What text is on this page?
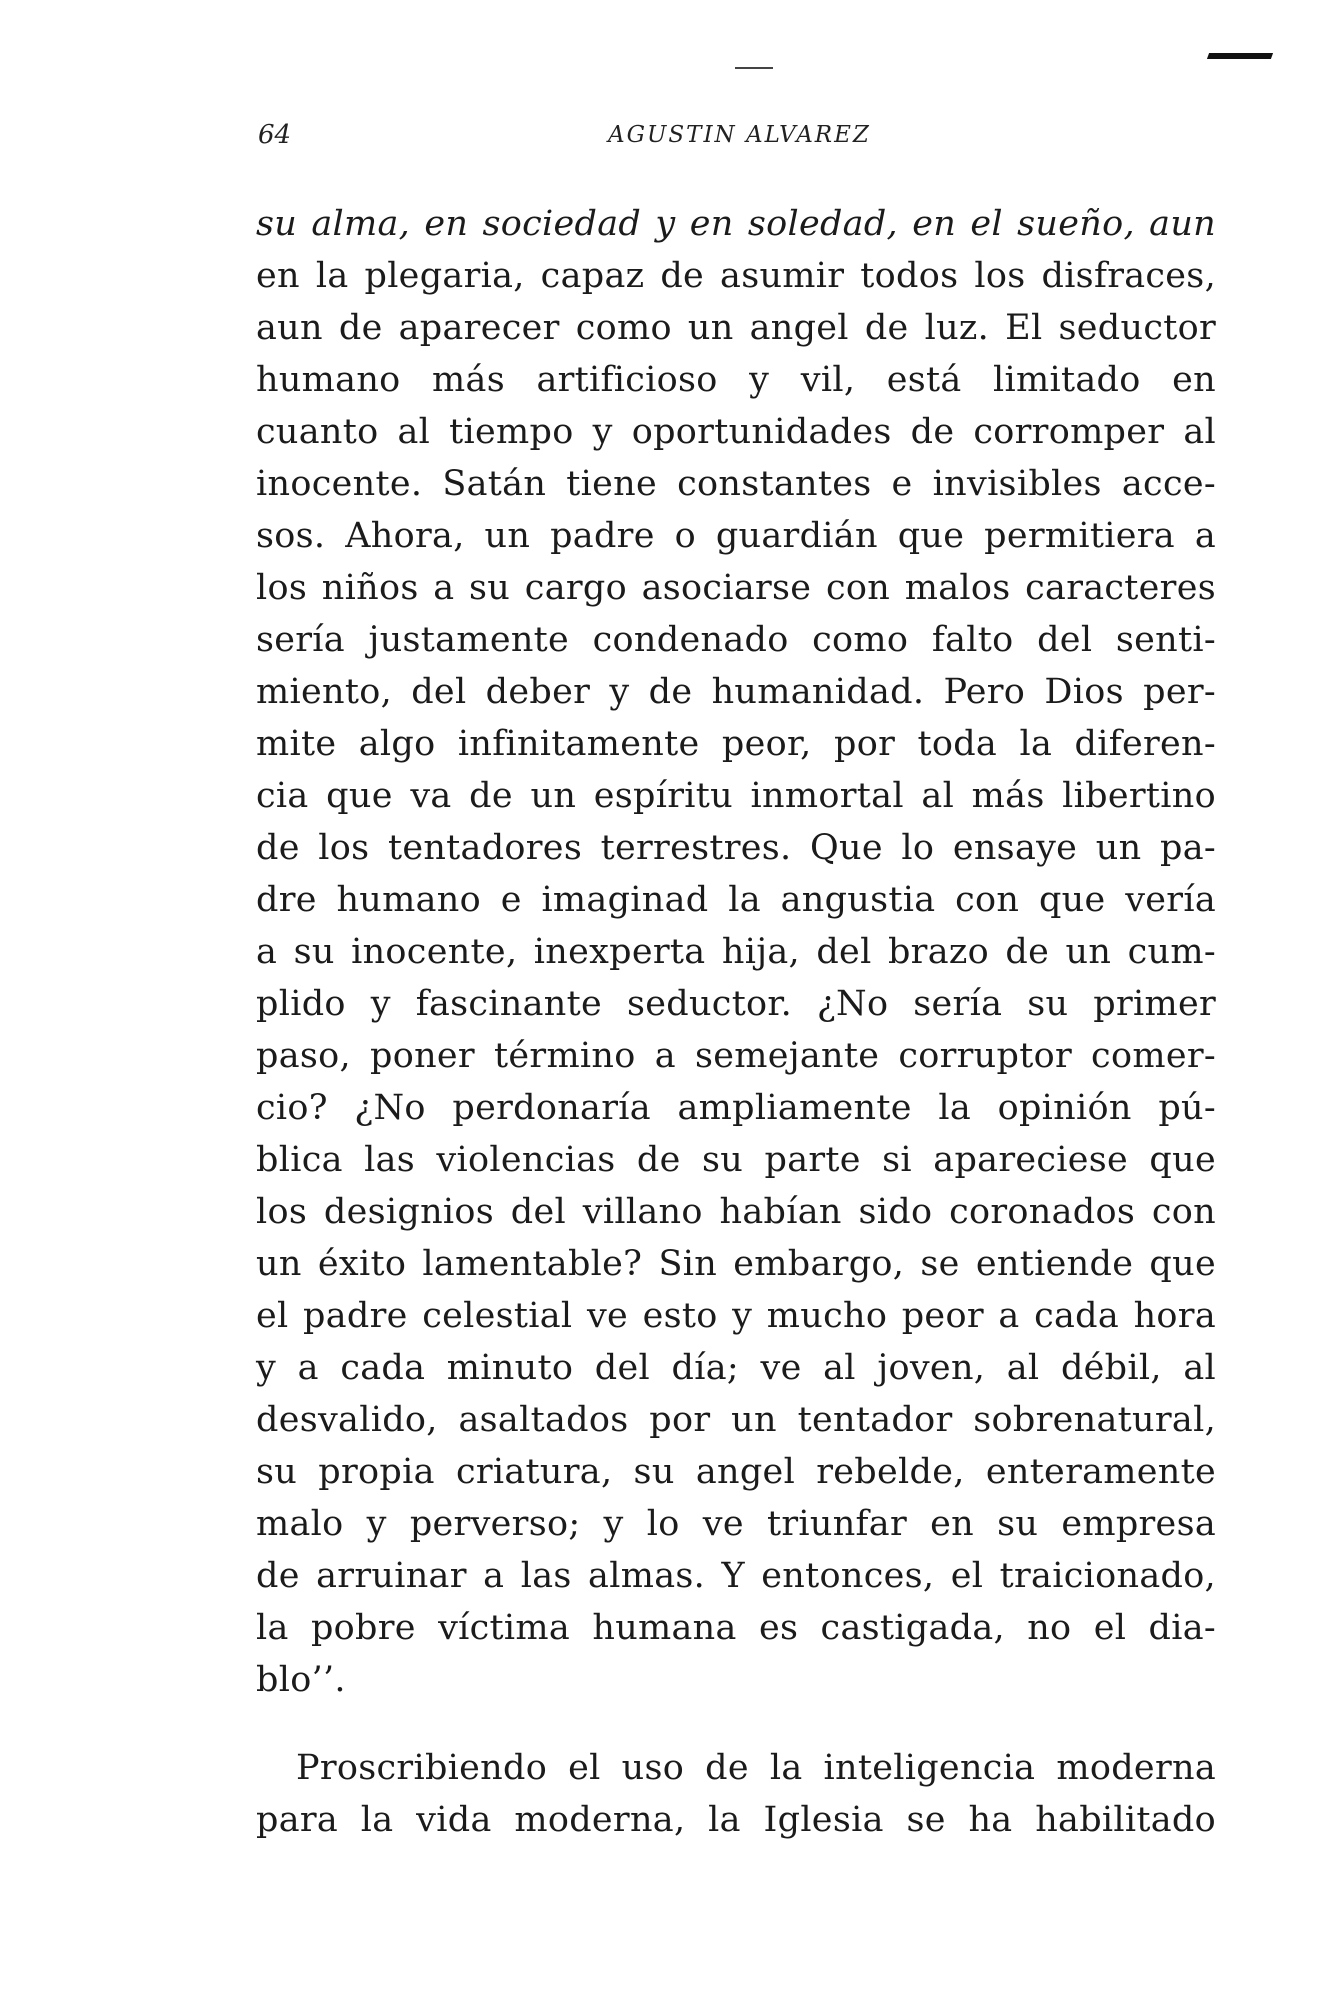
64	AGUSTIN ALVAREZ
su alma, en sociedad y en soledad, en el sueño, aun
en la plegaria, capaz de asumir todos los disfraces,
aun de aparecer como un angel de luz. El seductor
humano más artificioso y vil, está limitado en
cuanto al tiempo y oportunidades de corromper al
inocente. Satán tiene constantes e invisibles acce-
sos. Ahora, un padre o guardián que permitiera a
los niños a su cargo asociarse con malos caracteres
sería justamente condenado como falto del senti-
miento, del deber y de humanidad. Pero Dios per-
mite algo infinitamente peor, por toda la diferen-
cia que va de un espíritu inmortal al más libertino
de los tentadores terrestres. Que lo ensaye un pa-
dre humano e imaginad la angustia con que vería
a su inocente, inexperta hija, del brazo de un cum-
plido y fascinante seductor. ¿No sería su primer
paso, poner término a semejante corruptor comer-
cio? ¿No perdonaría ampliamente la opinión pú-
blica las violencias de su parte si apareciese que
los designios del villano habían sido coronados con
un éxito lamentable? Sin embargo, se entiende que
el padre celestial ve esto y mucho peor a cada hora
y a cada minuto del día; ve al joven, al débil, al
desvalido, asaltados por un tentador sobrenatural,
su propia criatura, su angel rebelde, enteramente
malo y perverso; y lo ve triunfar en su empresa
de arruinar a las almas. Y entonces, el traicionado,
la pobre víctima humana es castigada, no el dia-
blo’’.
Proscribiendo el uso de la inteligencia moderna
para la vida moderna, la Iglesia se ha habilitado
